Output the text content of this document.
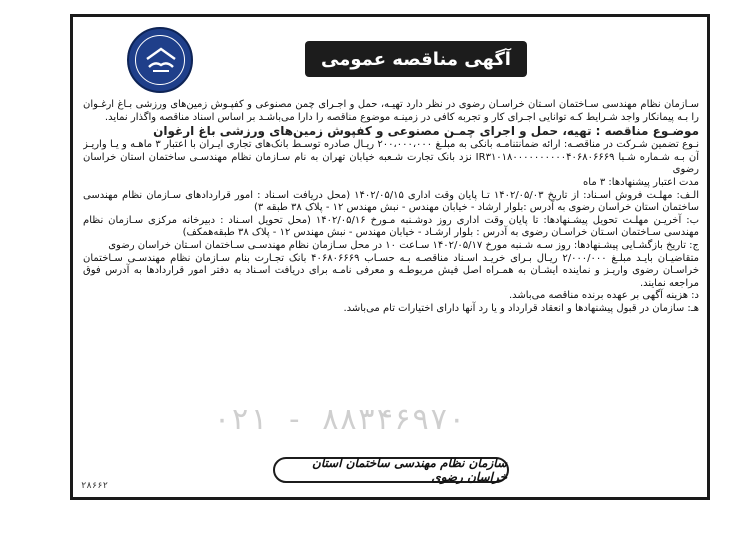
آگهی مناقصه عمومی

سـازمان نظام مهندسی سـاختمان اسـتان خراسـان رضوی در نظر دارد تهیـه، حمل و اجـرای چمن مصنوعی و کفپـوش زمین‌های ورزشی بـاغ ارغـوان را بـه پیمانکار واجد شـرایط کـه توانایی اجـرای کار و تجربه کافی در زمینـه موضوع مناقصه را دارا می‌باشـد بر اساس اسناد مناقصه واگذار نماید.

موضـوع مناقصه : تهیه، حمل و اجرای چمـن مصنوعی و کفپوش زمین‌های ورزشی باغ ارغوان

نـوع تضمین شـرکت در مناقصـه: ارائه ضمانتنامـه بانکی به مبلـغ ۲۰۰،۰۰۰،۰۰۰ ریـال صادره توسـط بانک‌های تجاری ایـران با اعتبار ۳ ماهـه و یـا واریـز آن بـه شـماره شـبا IR۳۱۰۱۸۰۰۰۰۰۰۰۰۰۰۴۰۶۸۰۶۶۶۹ نزد بانک تجارت شـعبه خیابان تهران به نام سـازمان نظام مهندسـی ساختمان استان خراسان رضوی

مدت اعتبار پیشنهادها: ۳ ماه

الـف: مهلـت فروش اسـناد: از تاریخ ۱۴۰۲/۰۵/۰۳ تـا پایان وقت اداری ۱۴۰۲/۰۵/۱۵ (محل دریافت اسـناد : امور قراردادهای سـازمان نظام مهندسی ساختمان استان خراسان رضوی به آدرس :بلوار ارشاد - خیابان مهندس - نبش مهندس ۱۲ - پلاک ۳۸ طبقه ۳)

ب: آخریـن مهلـت تحویل پیشـنهادها: تا پایان وقت اداری روز دوشـنبه مـورخ ۱۴۰۲/۰۵/۱۶ (محل تحویل اسـناد : دبیرخانه مرکزی سـازمان نظام مهندسی سـاختمان اسـتان خراسـان رضوی به آدرس : بلوار ارشـاد - خیابان مهندس - نبش مهندس ۱۲ - پلاک ۳۸ طبقه‌همکف)

ج: تاریخ بازگشـایی پیشـنهادها: روز سـه شـنبه مورخ ۱۴۰۲/۰۵/۱۷ سـاعت ۱۰ در محل سـازمان نظام مهندسـی سـاختمان اسـتان خراسان رضوی

متقاضیـان بایـد مبلـغ ۲/۰۰۰/۰۰۰ ریـال بـرای خریـد اسـناد مناقصـه بـه حسـاب ۴۰۶۸۰۶۶۶۹ بانک تجـارت بنام سـازمان نظام مهندسـی سـاختمان خراسـان رضوی واریـز و نماینده ایشـان به همـراه اصل فیش مربوطـه و معرفی نامـه برای دریافت اسـناد به دفتر امور قراردادها به آدرس فوق مراجعه نمایند.

د: هزینه آگهی بر عهده برنده مناقصه می‌باشد.

هـ: سازمان در قبول پیشنهادها و انعقاد قرارداد و یا رد آنها دارای اختیارات تام می‌باشد.

۰۲۱ - ۸۸۳۴۶۹۷۰
سازمان نظام مهندسی ساختمان استان خراسان رضوی
۲۸۶۶۲
